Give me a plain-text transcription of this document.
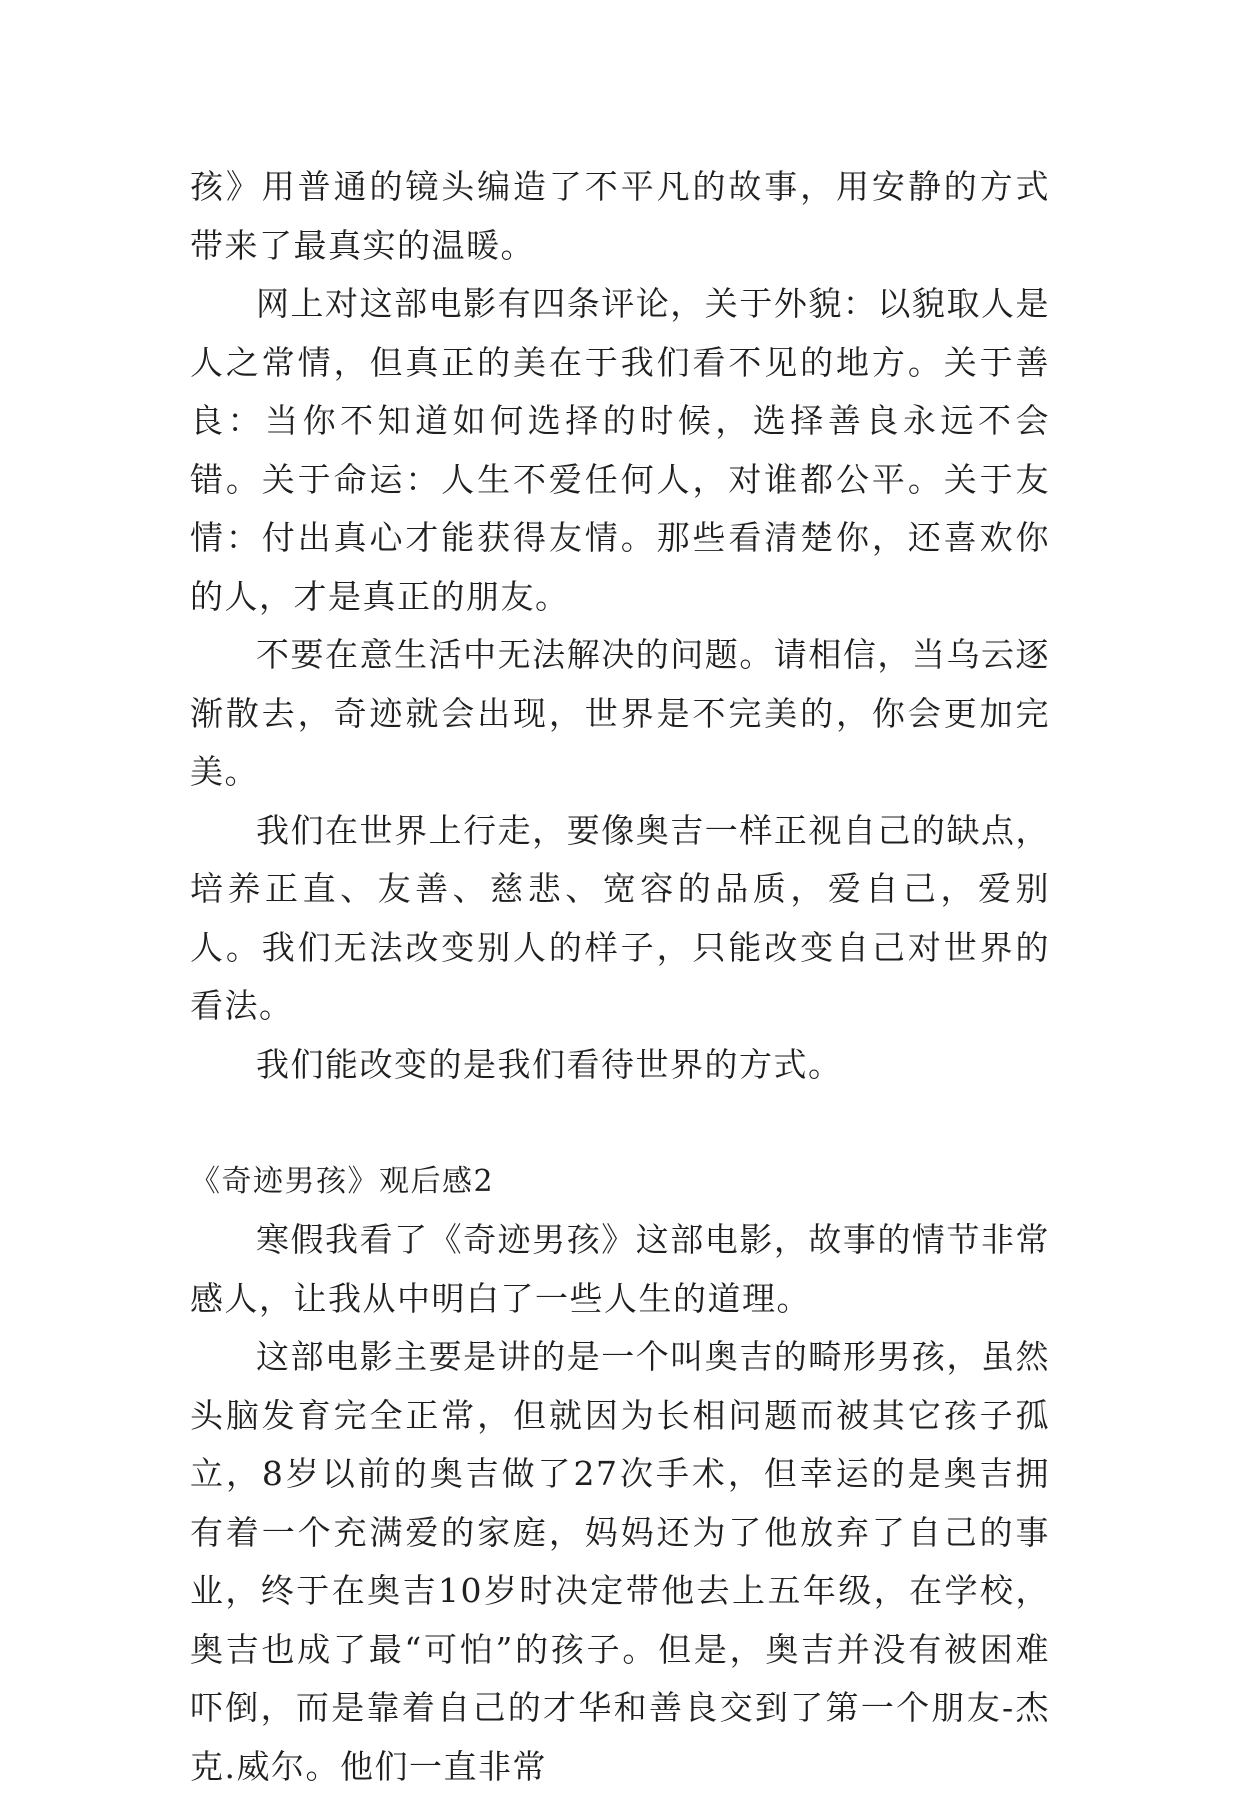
孩》用普通的镜头编造了不平凡的故事，用安静的方式带来了最真实的温暖。

网上对这部电影有四条评论，关于外貌：以貌取人是人之常情，但真正的美在于我们看不见的地方。关于善良：当你不知道如何选择的时候，选择善良永远不会错。关于命运：人生不爱任何人，对谁都公平。关于友情：付出真心才能获得友情。那些看清楚你，还喜欢你的人，才是真正的朋友。

不要在意生活中无法解决的问题。请相信，当乌云逐渐散去，奇迹就会出现，世界是不完美的，你会更加完美。

我们在世界上行走，要像奥吉一样正视自己的缺点，培养正直、友善、慈悲、宽容的品质，爱自己，爱别人。我们无法改变别人的样子，只能改变自己对世界的看法。

我们能改变的是我们看待世界的方式。

《奇迹男孩》观后感2

寒假我看了《奇迹男孩》这部电影，故事的情节非常感人，让我从中明白了一些人生的道理。

这部电影主要是讲的是一个叫奥吉的畸形男孩，虽然头脑发育完全正常，但就因为长相问题而被其它孩子孤立，8岁以前的奥吉做了27次手术，但幸运的是奥吉拥有着一个充满爱的家庭，妈妈还为了他放弃了自己的事业，终于在奥吉10岁时决定带他去上五年级，在学校，奥吉也成了最“可怕”的孩子。但是，奥吉并没有被困难吓倒，而是靠着自己的才华和善良交到了第一个朋友-杰克.威尔。他们一直非常
